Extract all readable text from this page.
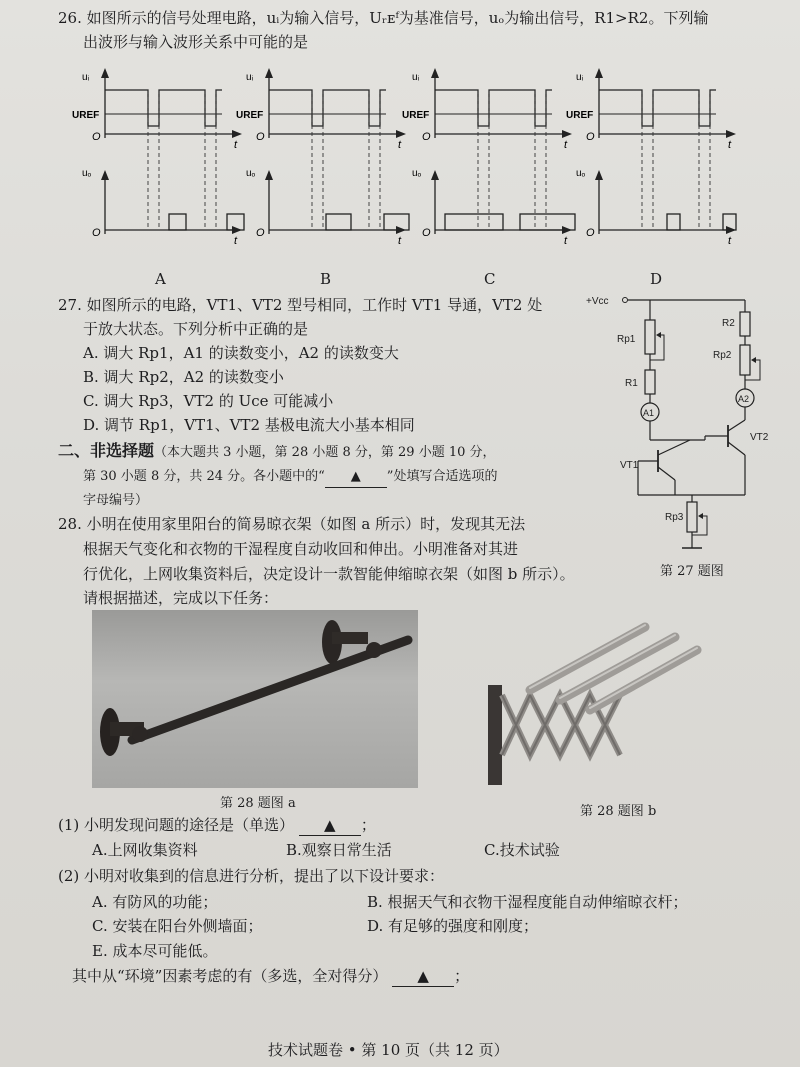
26. 如图所示的信号处理电路，uᵢ为输入信号，Uᵣᴇᶠ为基准信号，uₒ为输出信号，R1>R2。下列输
出波形与输入波形关系中可能的是
uᵢ
UREF
O
t
uₒ
O
t
uᵢ
UREF
O
t
uₒ
O
t
uᵢ
UREF
O
t
uₒ
O
t
uᵢ
UREF
O
t
uₒ
O
t
A	B	C	D
27. 如图所示的电路，VT1、VT2 型号相同，工作时 VT1 导通，VT2 处
于放大状态。下列分析中正确的是
A. 调大 Rp1，A1 的读数变小，A2 的读数变大
B. 调大 Rp2，A2 的读数变小
C. 调大 Rp3，VT2 的 Uce 可能减小
D. 调节 Rp1，VT1、VT2 基极电流大小基本相同
+Vcc
Rp1
R1
A1
VT1
R2
Rp2
A2
VT2
Rp3
第 27 题图
二、非选择题（本大题共 3 小题，第 28 小题 8 分，第 29 小题 10 分，
第 30 小题 8 分，共 24 分。各小题中的“ ▲ ”处填写合适选项的
字母编号）
28. 小明在使用家里阳台的简易晾衣架（如图 a 所示）时，发现其无法
根据天气变化和衣物的干湿程度自动收回和伸出。小明准备对其进
行优化，上网收集资料后，决定设计一款智能伸缩晾衣架（如图 b 所示）。
请根据描述，完成以下任务：
第 28 题图 a
第 28 题图 b
(1) 小明发现问题的途径是（单选） ▲ ；
A.上网收集资料	B.观察日常生活	C.技术试验
(2) 小明对收集到的信息进行分析，提出了以下设计要求：
A. 有防风的功能；	B. 根据天气和衣物干湿程度能自动伸缩晾衣杆；
C. 安装在阳台外侧墙面；	D. 有足够的强度和刚度；
E. 成本尽可能低。
其中从“环境”因素考虑的有（多选，全对得分） ▲ ；
技术试题卷 • 第 10 页（共 12 页）
